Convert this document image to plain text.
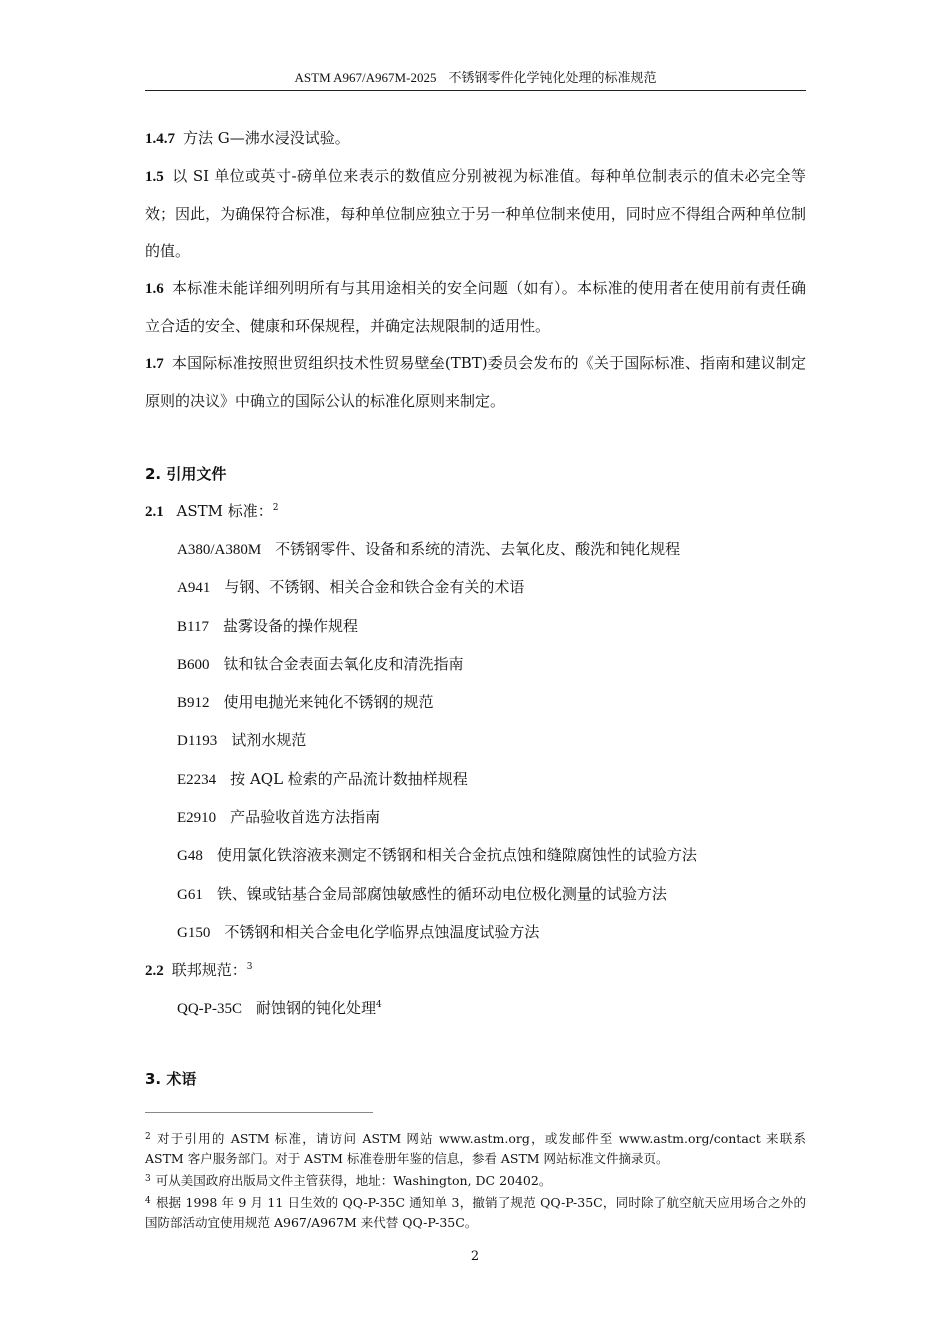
ASTM A967/A967M-2025 不锈钢零件化学钝化处理的标准规范

1.4.7 方法 G—沸水浸没试验。

1.5 以 SI 单位或英寸-磅单位来表示的数值应分别被视为标准值。每种单位制表示的值未必完全等效；因此，为确保符合标准，每种单位制应独立于另一种单位制来使用，同时应不得组合两种单位制的值。

1.6 本标准未能详细列明所有与其用途相关的安全问题（如有）。本标准的使用者在使用前有责任确立合适的安全、健康和环保规程，并确定法规限制的适用性。

1.7 本国际标准按照世贸组织技术性贸易壁垒(TBT)委员会发布的《关于国际标准、指南和建议制定原则的决议》中确立的国际公认的标准化原则来制定。

2. 引用文件

2.1 ASTM 标准：$^2$

A380/A380M 不锈钢零件、设备和系统的清洗、去氧化皮、酸洗和钝化规程
A941 与钢、不锈钢、相关合金和铁合金有关的术语
B117 盐雾设备的操作规程
B600 钛和钛合金表面去氧化皮和清洗指南
B912 使用电抛光来钝化不锈钢的规范
D1193 试剂水规范
E2234 按 AQL 检索的产品流计数抽样规程
E2910 产品验收首选方法指南
G48 使用氯化铁溶液来测定不锈钢和相关合金抗点蚀和缝隙腐蚀性的试验方法
G61 铁、镍或钴基合金局部腐蚀敏感性的循环动电位极化测量的试验方法
G150 不锈钢和相关合金电化学临界点蚀温度试验方法

2.2 联邦规范：$^3$

QQ-P-35C 耐蚀钢的钝化处理$^4$

3. 术语

$^2$ 对于引用的 ASTM 标准，请访问 ASTM 网站 www.astm.org，或发邮件至 www.astm.org/contact 来联系 ASTM 客户服务部门。对于 ASTM 标准卷册年鉴的信息，参看 ASTM 网站标准文件摘录页。

$^3$ 可从美国政府出版局文件主管获得，地址：Washington, DC 20402。

$^4$ 根据 1998 年 9 月 11 日生效的 QQ-P-35C 通知单 3，撤销了规范 QQ-P-35C，同时除了航空航天应用场合之外的国防部活动宜使用规范 A967/A967M 来代替 QQ-P-35C。

2
